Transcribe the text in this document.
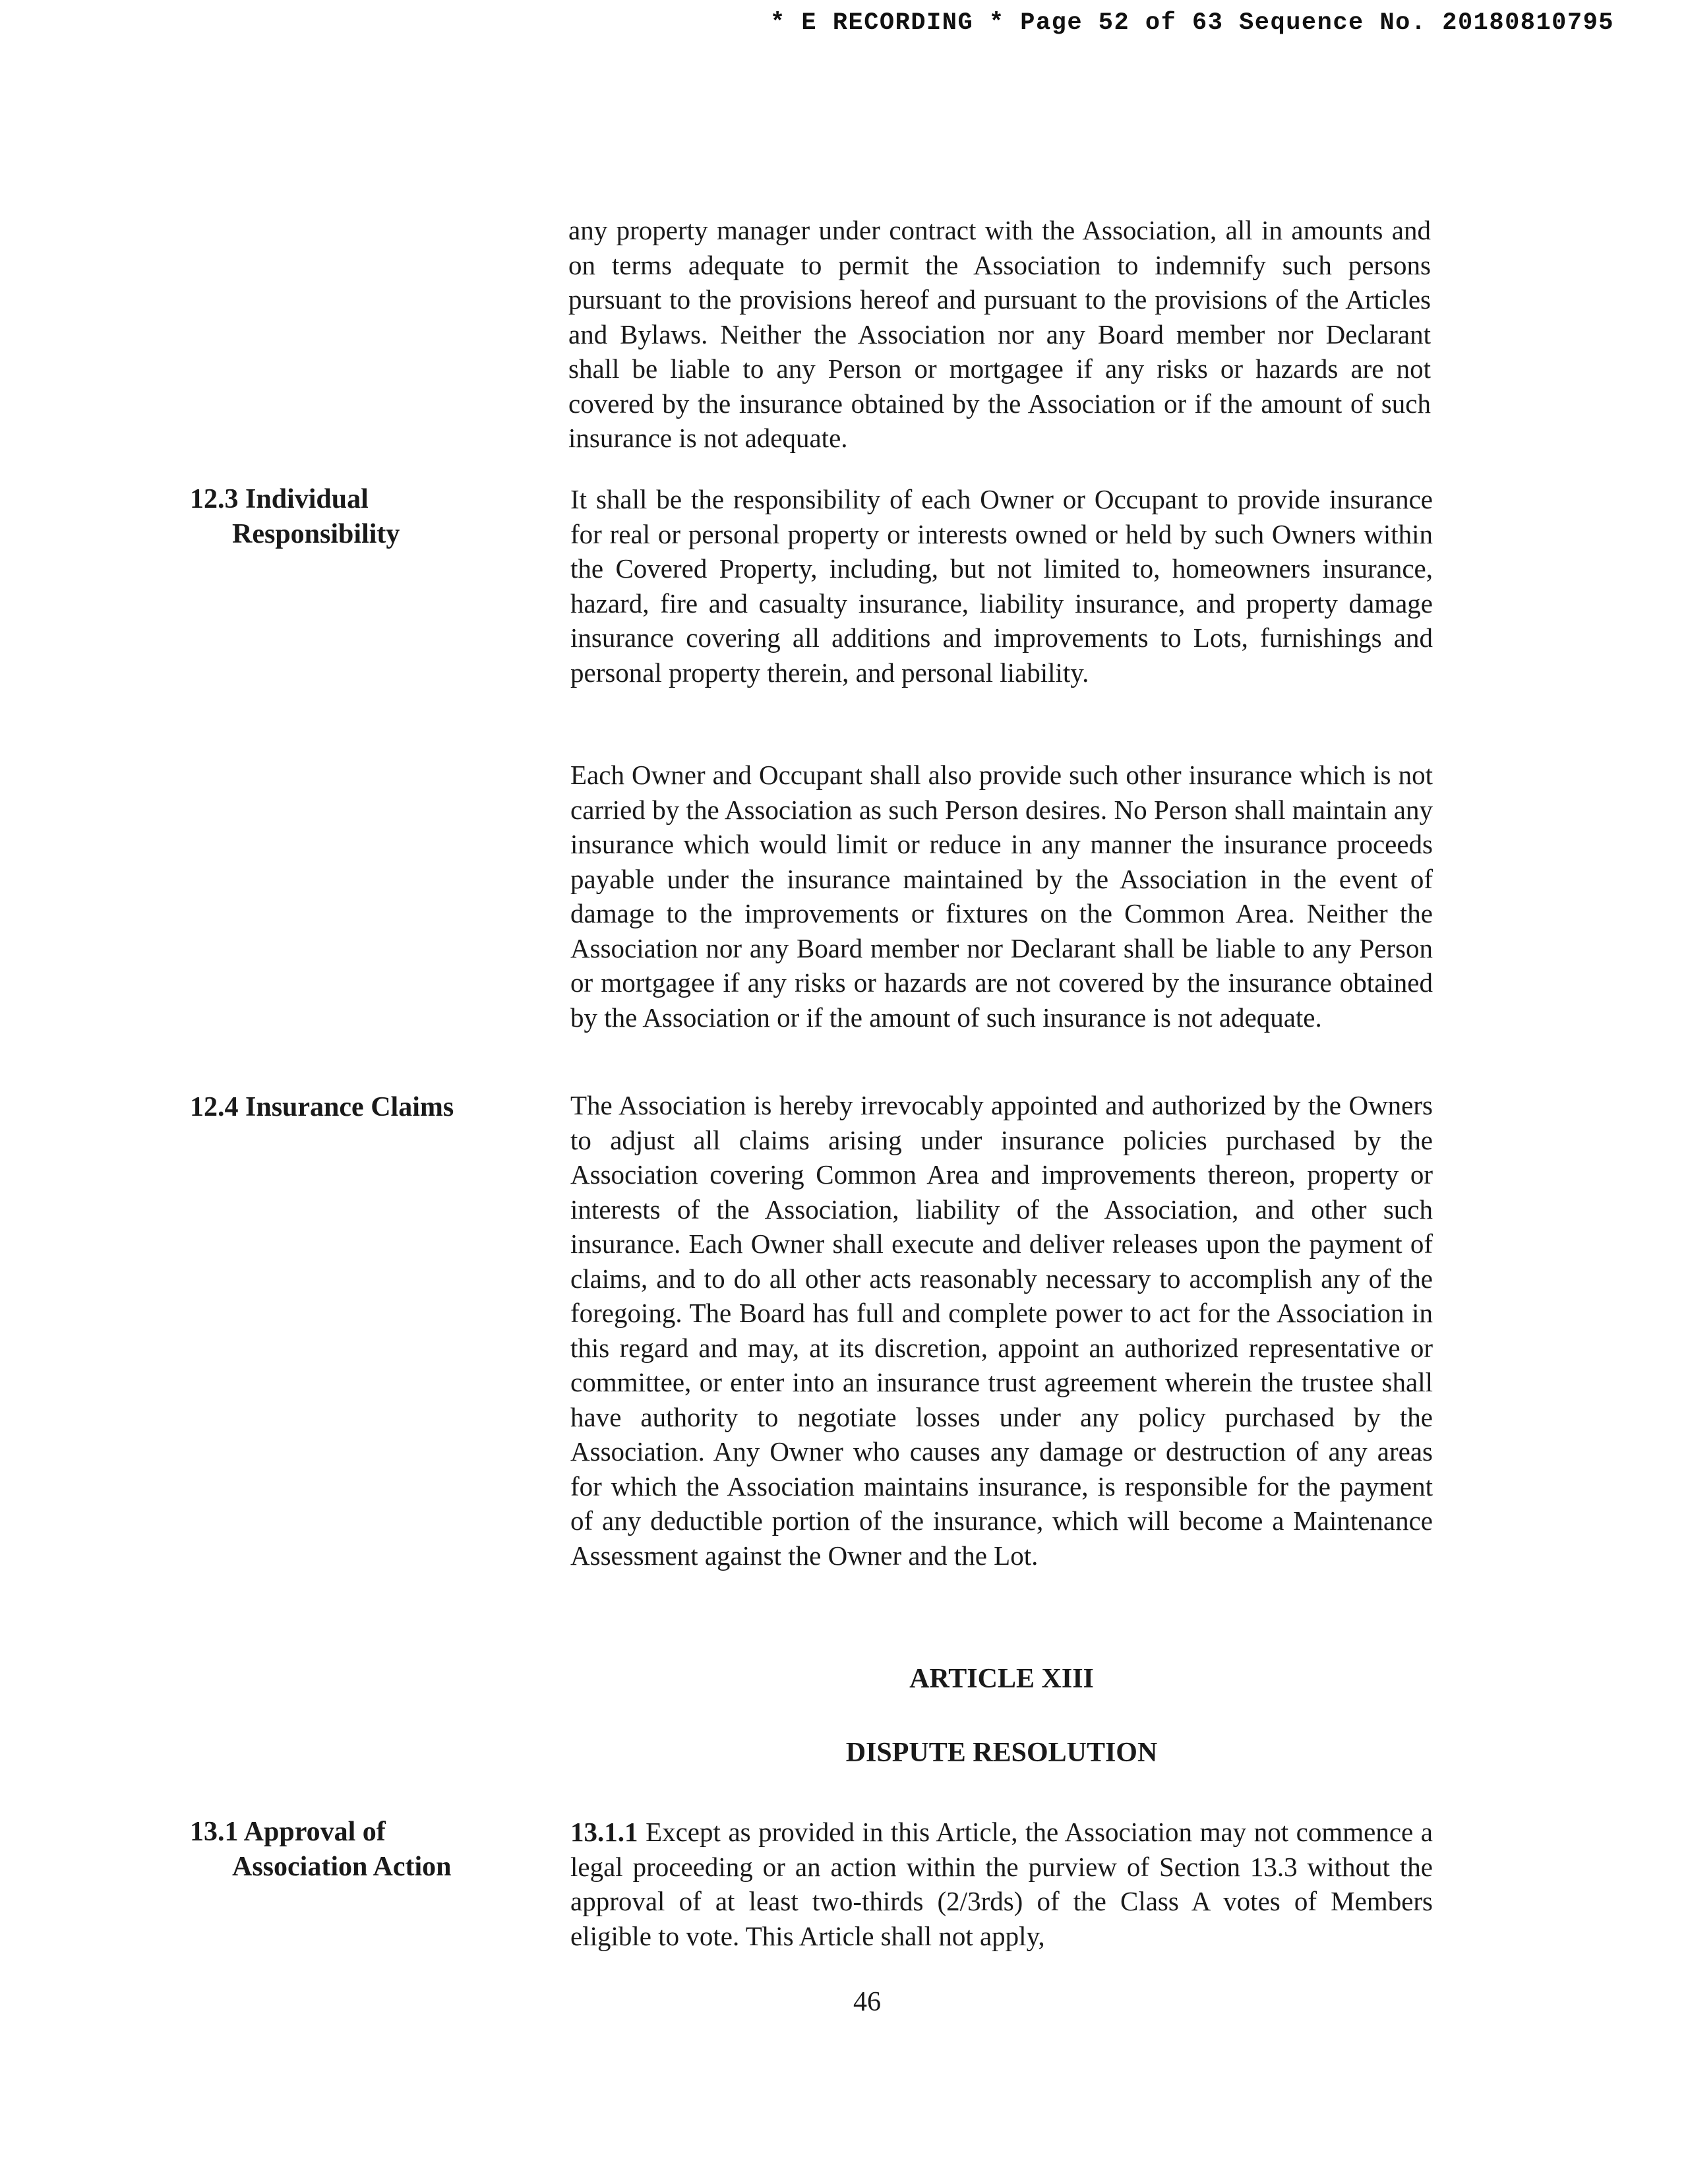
* E RECORDING * Page 52 of 63 Sequence No. 20180810795

any property manager under contract with the Association, all in amounts and on terms adequate to permit the Association to indemnify such persons pursuant to the provisions hereof and pursuant to the provisions of the Articles and Bylaws. Neither the Association nor any Board member nor Declarant shall be liable to any Person or mortgagee if any risks or hazards are not covered by the insurance obtained by the Association or if the amount of such insurance is not adequate.

12.3 Individual
Responsibility

It shall be the responsibility of each Owner or Occupant to provide insurance for real or personal property or interests owned or held by such Owners within the Covered Property, including, but not limited to, homeowners insurance, hazard, fire and casualty insurance, liability insurance, and property damage insurance covering all additions and improvements to Lots, furnishings and personal property therein, and personal liability.

Each Owner and Occupant shall also provide such other insurance which is not carried by the Association as such Person desires. No Person shall maintain any insurance which would limit or reduce in any manner the insurance proceeds payable under the insurance maintained by the Association in the event of damage to the improvements or fixtures on the Common Area. Neither the Association nor any Board member nor Declarant shall be liable to any Person or mortgagee if any risks or hazards are not covered by the insurance obtained by the Association or if the amount of such insurance is not adequate.

12.4 Insurance Claims	The Association is hereby irrevocably appointed and authorized by the Owners to adjust all claims arising under insurance policies purchased by the Association covering Common Area and improvements thereon, property or interests of the Association, liability of the Association, and other such insurance. Each Owner shall execute and deliver releases upon the payment of claims, and to do all other acts reasonably necessary to accomplish any of the foregoing. The Board has full and complete power to act for the Association in this regard and may, at its discretion, appoint an authorized representative or committee, or enter into an insurance trust agreement wherein the trustee shall have authority to negotiate losses under any policy purchased by the Association. Any Owner who causes any damage or destruction of any areas for which the Association maintains insurance, is responsible for the payment of any deductible portion of the insurance, which will become a Maintenance Assessment against the Owner and the Lot.

ARTICLE XIII
DISPUTE RESOLUTION
13.1 Approval of
Association Action

13.1.1 Except as provided in this Article, the Association may not commence a legal proceeding or an action within the purview of Section 13.3 without the approval of at least two-thirds (2/3rds) of the Class A votes of Members eligible to vote. This Article shall not apply,

46
